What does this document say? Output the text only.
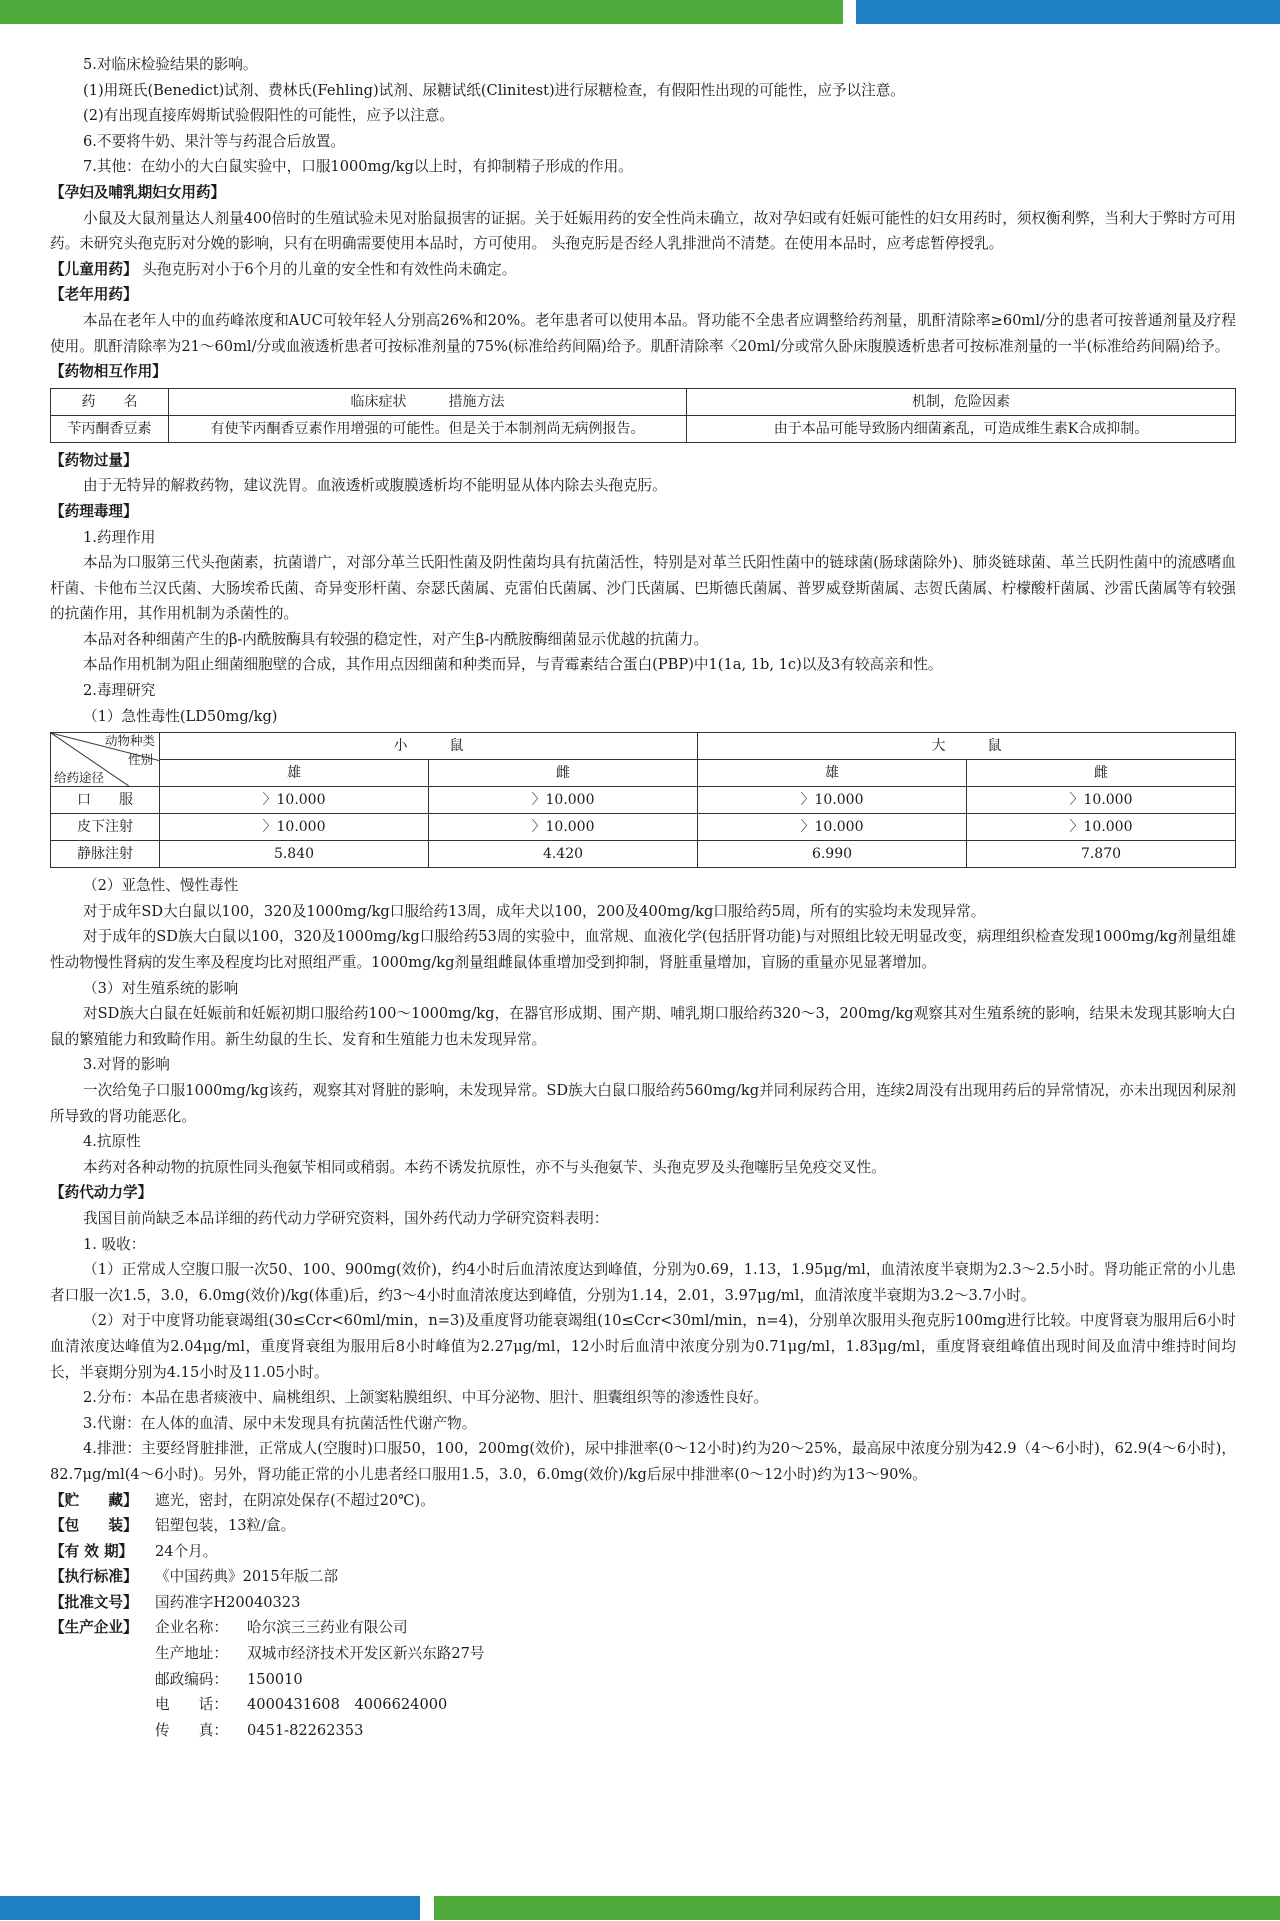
5.对临床检验结果的影响。

(1)用斑氏(Benedict)试剂、费林氏(Fehling)试剂、尿糖试纸(Clinitest)进行尿糖检查，有假阳性出现的可能性，应予以注意。

(2)有出现直接库姆斯试验假阳性的可能性，应予以注意。

6.不要将牛奶、果汁等与药混合后放置。

7.其他：在幼小的大白鼠实验中，口服1000mg/kg以上时，有抑制精子形成的作用。

【孕妇及哺乳期妇女用药】

小鼠及大鼠剂量达人剂量400倍时的生殖试验未见对胎鼠损害的证据。关于妊娠用药的安全性尚未确立，故对孕妇或有妊娠可能性的妇女用药时，须权衡利弊，当利大于弊时方可用药。未研究头孢克肟对分娩的影响，只有在明确需要使用本品时，方可使用。 头孢克肟是否经人乳排泄尚不清楚。在使用本品时，应考虑暂停授乳。

【儿童用药】 头孢克肟对小于6个月的儿童的安全性和有效性尚未确定。

【老年用药】

本品在老年人中的血药峰浓度和AUC可较年轻人分别高26%和20%。老年患者可以使用本品。肾功能不全患者应调整给药剂量，肌酐清除率≥60ml/分的患者可按普通剂量及疗程使用。肌酐清除率为21～60ml/分或血液透析患者可按标准剂量的75%(标准给药间隔)给予。肌酐清除率〈20ml/分或常久卧床腹膜透析患者可按标准剂量的一半(标准给药间隔)给予。

【药物相互作用】

药　　名	临床症状　　　措施方法	机制，危险因素
苄丙酮香豆素	有使苄丙酮香豆素作用增强的可能性。但是关于本制剂尚无病例报告。	由于本品可能导致肠内细菌紊乱，可造成维生素K合成抑制。

【药物过量】

由于无特异的解救药物，建议洗胃。血液透析或腹膜透析均不能明显从体内除去头孢克肟。

【药理毒理】

1.药理作用

本品为口服第三代头孢菌素，抗菌谱广，对部分革兰氏阳性菌及阴性菌均具有抗菌活性，特别是对革兰氏阳性菌中的链球菌(肠球菌除外)、肺炎链球菌、革兰氏阴性菌中的流感嗜血杆菌、卡他布兰汉氏菌、大肠埃希氏菌、奇异变形杆菌、奈瑟氏菌属、克雷伯氏菌属、沙门氏菌属、巴斯德氏菌属、普罗威登斯菌属、志贺氏菌属、柠檬酸杆菌属、沙雷氏菌属等有较强的抗菌作用，其作用机制为杀菌性的。

本品对各种细菌产生的β-内酰胺酶具有较强的稳定性，对产生β-内酰胺酶细菌显示优越的抗菌力。

本品作用机制为阻止细菌细胞壁的合成，其作用点因细菌和种类而异，与青霉素结合蛋白(PBP)中1(1a, 1b, 1c)以及3有较高亲和性。

2.毒理研究

（1）急性毒性(LD50mg/kg)

动物种类
性别
给药途径	小　　　鼠		大　　　鼠	
	雄	雌	雄	雌
口　　服	〉10.000	〉10.000	〉10.000	〉10.000
皮下注射	〉10.000	〉10.000	〉10.000	〉10.000
静脉注射	5.840	4.420	6.990	7.870

（2）亚急性、慢性毒性

对于成年SD大白鼠以100，320及1000mg/kg口服给药13周，成年犬以100，200及400mg/kg口服给药5周，所有的实验均未发现异常。

对于成年的SD族大白鼠以100，320及1000mg/kg口服给药53周的实验中，血常规、血液化学(包括肝肾功能)与对照组比较无明显改变，病理组织检查发现1000mg/kg剂量组雄性动物慢性肾病的发生率及程度均比对照组严重。1000mg/kg剂量组雌鼠体重增加受到抑制，肾脏重量增加，盲肠的重量亦见显著增加。

（3）对生殖系统的影响

对SD族大白鼠在妊娠前和妊娠初期口服给药100～1000mg/kg，在器官形成期、围产期、哺乳期口服给药320～3，200mg/kg观察其对生殖系统的影响，结果未发现其影响大白鼠的繁殖能力和致畸作用。新生幼鼠的生长、发育和生殖能力也未发现异常。

3.对肾的影响

一次给兔子口服1000mg/kg该药，观察其对肾脏的影响，未发现异常。SD族大白鼠口服给药560mg/kg并同利尿药合用，连续2周没有出现用药后的异常情况，亦未出现因利尿剂所导致的肾功能恶化。

4.抗原性

本药对各种动物的抗原性同头孢氨苄相同或稍弱。本药不诱发抗原性，亦不与头孢氨苄、头孢克罗及头孢噻肟呈免疫交叉性。

【药代动力学】

我国目前尚缺乏本品详细的药代动力学研究资料，国外药代动力学研究资料表明：

1. 吸收：

（1）正常成人空腹口服一次50、100、900mg(效价)，约4小时后血清浓度达到峰值，分别为0.69，1.13，1.95μg/ml，血清浓度半衰期为2.3～2.5小时。肾功能正常的小儿患者口服一次1.5，3.0，6.0mg(效价)/kg(体重)后，约3～4小时血清浓度达到峰值，分别为1.14，2.01，3.97μg/ml，血清浓度半衰期为3.2～3.7小时。

（2）对于中度肾功能衰竭组(30≤Ccr<60ml/min，n=3)及重度肾功能衰竭组(10≤Ccr<30ml/min，n=4)，分别单次服用头孢克肟100mg进行比较。中度肾衰为服用后6小时血清浓度达峰值为2.04μg/ml，重度肾衰组为服用后8小时峰值为2.27μg/ml，12小时后血清中浓度分别为0.71μg/ml，1.83μg/ml，重度肾衰组峰值出现时间及血清中维持时间均长，半衰期分别为4.15小时及11.05小时。

2.分布：本品在患者痰液中、扁桃组织、上颌窦粘膜组织、中耳分泌物、胆汁、胆囊组织等的渗透性良好。

3.代谢：在人体的血清、尿中未发现具有抗菌活性代谢产物。

4.排泄：主要经肾脏排泄，正常成人(空腹时)口服50，100，200mg(效价)，尿中排泄率(0～12小时)约为20～25%，最高尿中浓度分别为42.9（4～6小时)，62.9(4～6小时)，82.7μg/ml(4～6小时)。另外，肾功能正常的小儿患者经口服用1.5，3.0，6.0mg(效价)/kg后尿中排泄率(0～12小时)约为13～90%。

【贮　　藏】	遮光，密封，在阴凉处保存(不超过20℃)。
【包　　装】	铝塑包装，13粒/盒。
【有 效 期】	24个月。
【执行标准】	《中国药典》2015年版二部
【批准文号】	国药准字H20040323
【生产企业】	企业名称：	哈尔滨三三药业有限公司
生产地址：	双城市经济技术开发区新兴东路27号
邮政编码：	150010
电　　话：	4000431608　4006624000
传　　真：	0451-82262353
